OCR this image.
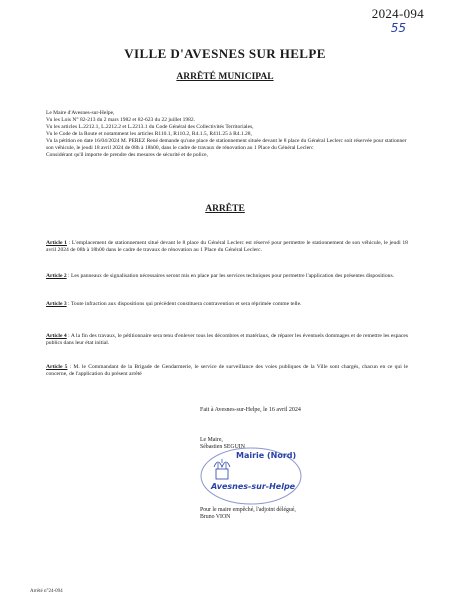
2024-094
55
VILLE D'AVESNES SUR HELPE
ARRÊTÉ MUNICIPAL

Le Maire d'Avesnes-sur-Helpe,

Vu les Lois N° 82-213 du 2 mars 1982 et 82-623 du 22 juillet 1982.

Vu les articles L.2212.1, L.2212.2 et L.2213.1 du Code Général des Collectivités Territoriales,

Vu le Code de la Route et notamment les articles R110.1, R110.2, R4.1.5, R411.25 à R4.1.28,

Vu la pétition en date 16/04/2024 M. PEREZ René demande qu'une place de stationnement située devant le 8 place du Général Leclerc soit réservée pour stationner son véhicule, le jeudi 18 avril 2024 de 08h à 18h00, dans le cadre de travaux de rénovation au 1 Place du Général Leclerc

Considérant qu'il importe de prendre des mesures de sécurité et de police,

ARRÊTE
Article 1 : L'emplacement de stationnement situé devant le 8 place du Général Leclerc est réservé pour permettre le stationnement de son véhicule, le jeudi 18 avril 2024 de 08h à 18h00 dans le cadre de travaux de rénovation au 1 Place du Général Leclerc.
Article 2 : Les panneaux de signalisation nécessaires seront mis en place par les services techniques pour permettre l'application des présentes dispositions.
Article 3 : Toute infraction aux dispositions qui précèdent constituera contravention et sera réprimée comme telle.
Article 4 : A la fin des travaux, le pétitionnaire sera tenu d'enlever tous les décombres et matériaux, de réparer les éventuels dommages et de remettre les espaces publics dans leur état initial.
Article 5 : M. le Commandant de la Brigade de Gendarmerie, le service de surveillance des voies publiques de la Ville sont chargés, chacun en ce qui le concerne, de l'application du présent arrêté
Fait à Avesnes-sur-Helpe, le 16 avril 2024
Mairie (Nord)
Avesnes-sur-Helpe

Le Maire,

Sébastien SEGUIN

Pour le maire empêché, l'adjoint délégué,

Bruno VION

Arrêté n°24-094
